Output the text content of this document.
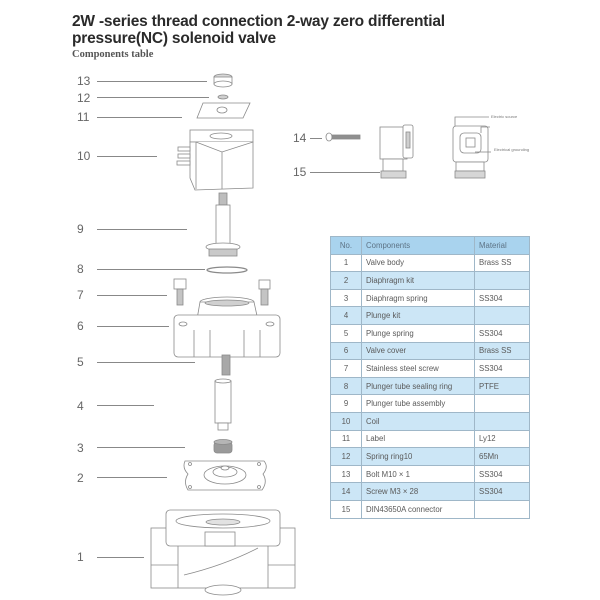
2W -series thread connection 2-way zero differential
pressure(NC) solenoid valve
Components table
Electric source
Electrical grounding
13
12
11
10
9
8
7
6
5
4
3
2
1
14
15
No.	Components	Material
1	Valve body	Brass SS
2	Diaphragm kit	
3	Diaphragm spring	SS304
4	Plunge kit	
5	Plunge spring	SS304
6	Valve cover	Brass SS
7	Stainless steel screw	SS304
8	Plunger tube sealing ring	PTFE
9	Plunger tube assembly	
10	Coil	
11	Label	Ly12
12	Spring ring10	65Mn
13	Bolt M10 × 1	SS304
14	Screw M3 × 28	SS304
15	DIN43650A connector	
